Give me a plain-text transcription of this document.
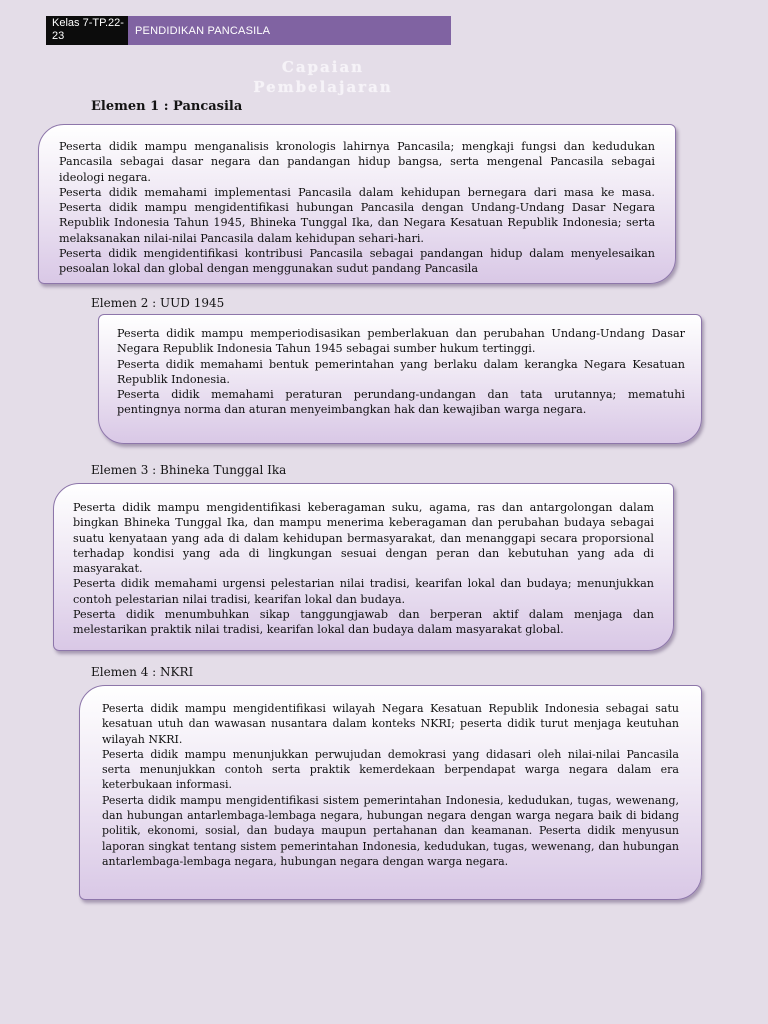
Kelas 7-TP.22-23	PENDIDIKAN PANCASILA
Capaian Pembelajaran
Elemen 1 : Pancasila

Peserta didik mampu menganalisis kronologis lahirnya Pancasila; mengkaji fungsi dan kedudukan Pancasila sebagai dasar negara dan pandangan hidup bangsa, serta mengenal Pancasila sebagai ideologi negara.

Peserta didik memahami implementasi Pancasila dalam kehidupan bernegara dari masa ke masa. Peserta didik mampu mengidentifikasi hubungan Pancasila dengan Undang-Undang Dasar Negara Republik Indonesia Tahun 1945, Bhineka Tunggal Ika, dan Negara Kesatuan Republik Indonesia; serta melaksanakan nilai-nilai Pancasila dalam kehidupan sehari-hari.

Peserta didik mengidentifikasi kontribusi Pancasila sebagai pandangan hidup dalam menyelesaikan pesoalan lokal dan global dengan menggunakan sudut pandang Pancasila

Elemen 2 : UUD 1945

Peserta didik mampu memperiodisasikan pemberlakuan dan perubahan Undang-Undang Dasar Negara Republik Indonesia Tahun 1945 sebagai sumber hukum tertinggi.

Peserta didik memahami bentuk pemerintahan yang berlaku dalam kerangka Negara Kesatuan Republik Indonesia.

Peserta didik memahami peraturan perundang-undangan dan tata urutannya; mematuhi pentingnya norma dan aturan menyeimbangkan hak dan kewajiban warga negara.

Elemen 3 : Bhineka Tunggal Ika

Peserta didik mampu mengidentifikasi keberagaman suku, agama, ras dan antargolongan dalam bingkan Bhineka Tunggal Ika, dan mampu menerima keberagaman dan perubahan budaya sebagai suatu kenyataan yang ada di dalam kehidupan bermasyarakat, dan menanggapi secara proporsional terhadap kondisi yang ada di lingkungan sesuai dengan peran dan kebutuhan yang ada di masyarakat.

Peserta didik memahami urgensi pelestarian nilai tradisi, kearifan lokal dan budaya; menunjukkan contoh pelestarian nilai tradisi, kearifan lokal dan budaya.

Peserta didik menumbuhkan sikap tanggungjawab dan berperan aktif dalam menjaga dan melestarikan praktik nilai tradisi, kearifan lokal dan budaya dalam masyarakat global.

Elemen 4 : NKRI

Peserta didik mampu mengidentifikasi wilayah Negara Kesatuan Republik Indonesia sebagai satu kesatuan utuh dan wawasan nusantara dalam konteks NKRI; peserta didik turut menjaga keutuhan wilayah NKRI.

Peserta didik mampu menunjukkan perwujudan demokrasi yang didasari oleh nilai-nilai Pancasila serta menunjukkan contoh serta praktik kemerdekaan berpendapat warga negara dalam era keterbukaan informasi.

Peserta didik mampu mengidentifikasi sistem pemerintahan Indonesia, kedudukan, tugas, wewenang, dan hubungan antarlembaga-lembaga negara, hubungan negara dengan warga negara baik di bidang politik, ekonomi, sosial, dan budaya maupun pertahanan dan keamanan. Peserta didik menyusun laporan singkat tentang sistem pemerintahan Indonesia, kedudukan, tugas, wewenang, dan hubungan antarlembaga-lembaga negara, hubungan negara dengan warga negara.
